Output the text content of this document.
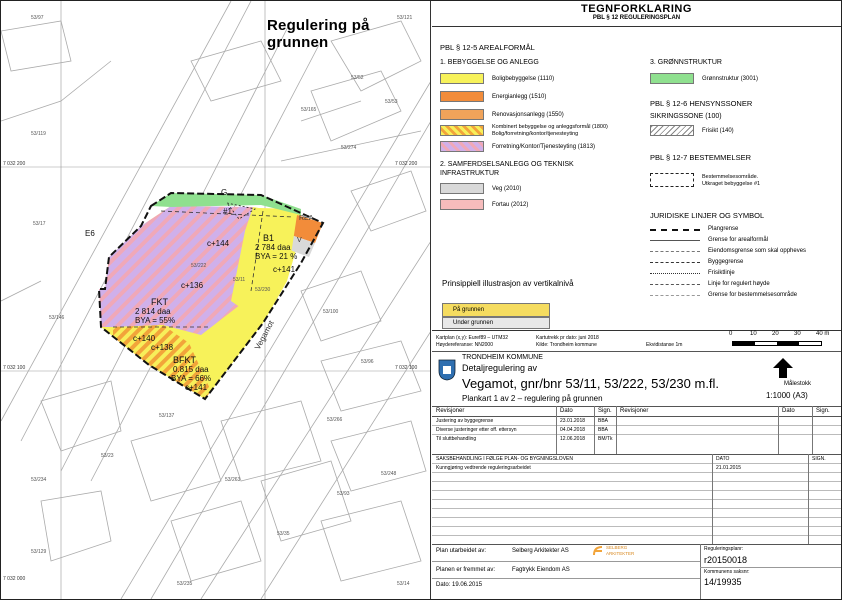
Regulering på grunnen
7 032 200
7 032 100
7 032 000
7 032 200
7 032 100
E6
Vegamot
B1
2 784 daa
BYA = 21 %
c+144
c+141
FKT
2 814 daa
BYA = 55%
c+136
c+140
BFKT
0.815 daa
BYA = 66%
c+138
c+141
G
#1
REA
V
53/97	53/121
53/119
53/17
53/52
53/165
53/53
53/274
53/222
53/11
53/230
53/146
53/137
53/263
53/23
53/234
53/266
53/100
53/96
53/93
53/35
53/235
53/129
53/14
53/248
TEGNFORKLARING
PBL § 12 REGULERINGSPLAN
PBL § 12-5 AREALFORMÅL
1. BEBYGGELSE OG ANLEGG
Boligbebyggelse (1110)
Energianlegg (1510)
Renovasjonsanlegg (1550)
Kombinert bebyggelse og anleggsformål (1800)
Bolig/forretning/kontor/tjenesteyting
Forretning/Kontor/Tjenesteyting (1813)
2. SAMFERDSELSANLEGG OG TEKNISK
INFRASTRUKTUR
Veg (2010)
Fortau (2012)
3. GRØNNSTRUKTUR
Grønnstruktur (3001)
PBL § 12-6 HENSYNSSONER
SIKRINGSSONE (100)
Frisikt (140)
PBL § 12-7 BESTEMMELSER
Bestemmelsesområde.
Utkraget bebyggelse #1
JURIDISKE LINJER OG SYMBOL
Plangrense
Grense for arealformål
Eiendomsgrense som skal oppheves
Byggegrense
Frisiktlinje
Linje for regulert høyde
Grense for bestemmelsesområde
Prinsippiell illustrasjon av vertikalnivå
På grunnen
Under grunnen
Kartplan (x,y): Euref89 – UTM32
Høydereferanse: NN2000
Kartutrekk pr dato: juni 2018
Kilde: Trondheim kommune	Ekvidistanse 1m
0	10	20	30	40 m
TRONDHEIM KOMMUNE
Detaljregulering av
Vegamot, gnr/bnr 53/11, 53/222, 53/230 m.fl.
Plankart 1 av 2 – regulering på grunnen
Målestokk
1:1000 (A3)
Revisjoner	Dato	Sign. Revisjoner	Dato	Sign.
Justering av byggegrense	23.01.2018	BBA
Diverse justeringer etter off. ettersyn	04.04.2018	BBA
Til sluttbehandling	12.06.2018	BM/Tk
SAKSBEHANDLING I FØLGE PLAN- OG BYGNINGSLOVEN	DATO	SIGN.
Kunngjøring vedtrende reguleringsarbeidet	21.01.2015
Plan utarbeidet av:	Selberg Arkitekter AS
SELBERG
ARKITEKTER
Planen er fremmet av:	Fagtrykk Eiendom AS
Dato: 19.06.2015
Reguleringsplanr:
r20150018
Kommunens saksnr:
14/19935
